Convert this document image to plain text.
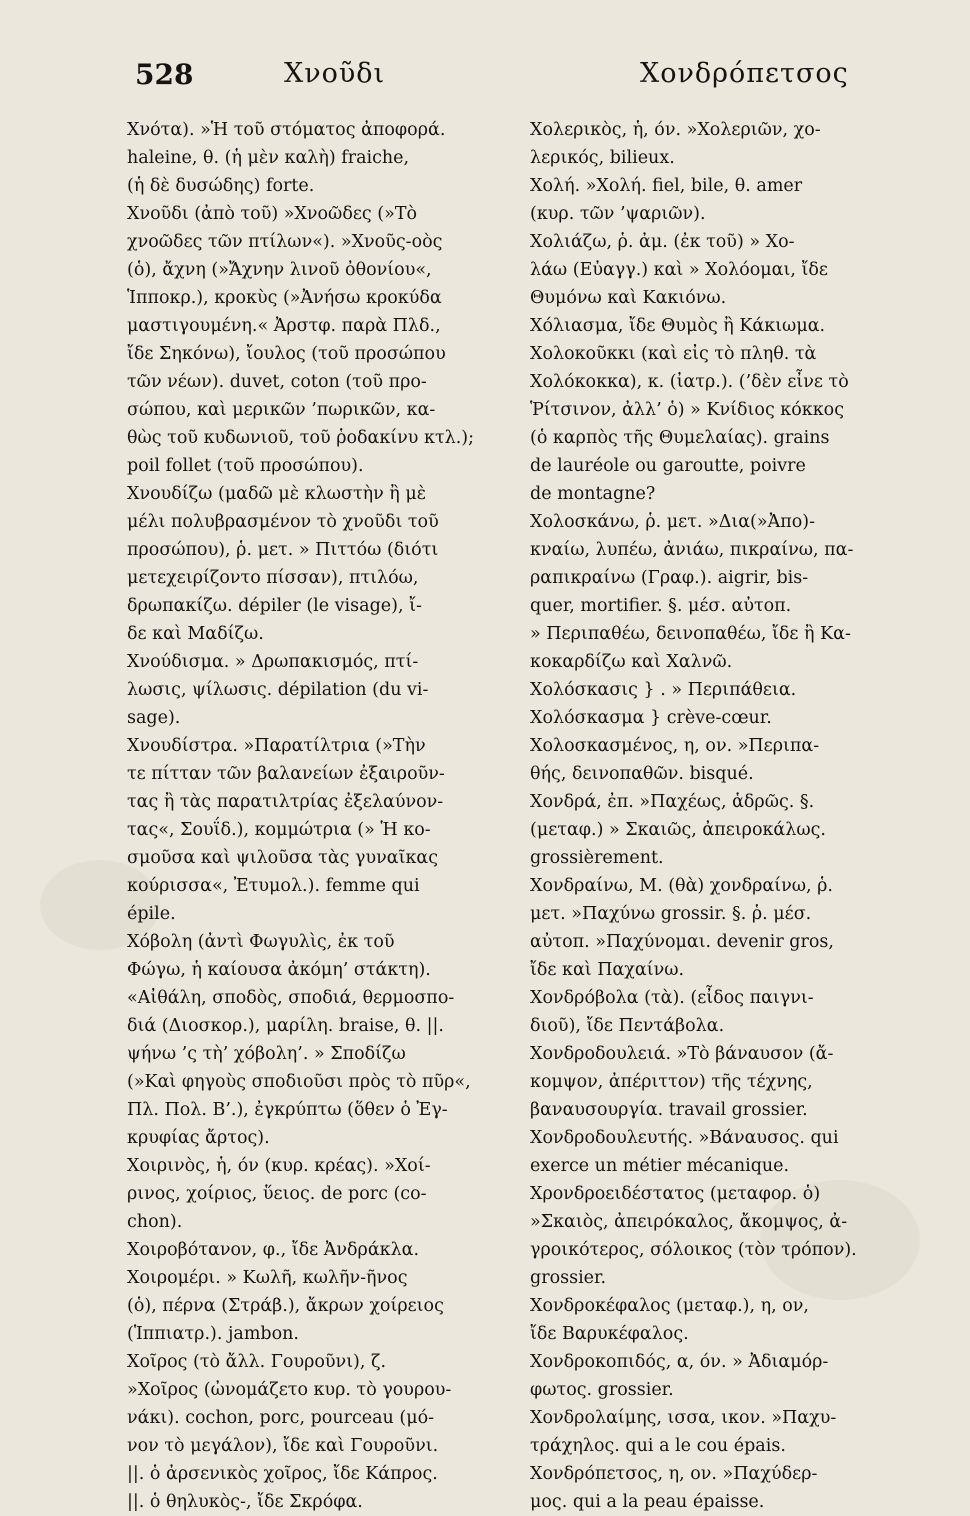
528	Χνοῦδι	Χονδρόπετσος
Χνότα). »Ἡ τοῦ στόματος ἀποφορά.
haleine, θ. (ἡ μὲν καλὴ) fraiche,
(ἡ δὲ δυσώδης) forte.
Χνοῦδι (ἀπὸ τοῦ) »Χνοῶδες (»Τὸ
χνοῶδες τῶν πτίλων«). »Χνοῦς-οὸς
(ὁ), ἄχνη (»Ἄχνην λινοῦ ὀθονίου«,
Ἱπποκρ.), κροκὺς (»Ἀνήσω κροκύδα
μαστιγουμένη.« Ἀρστφ. παρὰ Πλδ.,
ἴδε Σηκόνω), ἴουλος (τοῦ προσώπου
τῶν νέων). duvet, coton (τοῦ προ-
σώπου, καὶ μερικῶν ’πωρικῶν, κα-
θὼς τοῦ κυδωνιοῦ, τοῦ ῥοδακίνυ κτλ.);
poil follet (τοῦ προσώπου).
Χνουδίζω (μαδῶ μὲ κλωστὴν ἢ μὲ
μέλι πολυβρασμένον τὸ χνοῦδι τοῦ
προσώπου), ῥ. μετ. » Πιττόω (διότι
μετεχειρίζοντο πίσσαν), πτιλόω,
δρωπακίζω. dépiler (le visage), ἴ-
δε καὶ Μαδίζω.
Χνούδισμα. » Δρωπακισμός, πτί-
λωσις, ψίλωσις. dépilation (du vi-
sage).
Χνουδίστρα. »Παρατίλτρια (»Τὴν
τε πίτταν τῶν βαλανείων ἐξαιροῦν-
τας ἢ τὰς παρατιλτρίας ἐξελαύνον-
τας«, Σουΐδ.), κομμώτρια (» Ἡ κο-
σμοῦσα καὶ ψιλοῦσα τὰς γυναῖκας
κούρισσα«, Ἐτυμολ.). femme qui
épile.
Χόβολη (ἀντὶ Φωγυλὶς, ἐκ τοῦ
Φώγω, ἡ καίουσα ἀκόμη’ στάκτη).
«Αἰθάλη, σποδὸς, σποδιά, θερμοσπο-
διά (Διοσκορ.), μαρίλη. braise, θ. ||.
ψήνω ’ς τὴ’ χόβολη’. » Σποδίζω
(»Καὶ φηγοὺς σποδιοῦσι πρὸς τὸ πῦρ«,
Πλ. Πολ. Β’.), ἐγκρύπτω (ὅθεν ὁ Ἐγ-
κρυφίας ἄρτος).
Χοιρινὸς, ἡ, όν (κυρ. κρέας). »Χοί-
ρινος, χοίριος, ὕειος. de porc (co-
chon).
Χοιροβότανον, φ., ἴδε Ἀνδράκλα.
Χοιρομέρι. » Κωλῆ, κωλῆν-ῆνος
(ὁ), πέρνα (Στράβ.), ἄκρων χοίρειος
(Ἱππιατρ.). jambon.
Χοῖρος (τὸ ἄλλ. Γουροῦνι), ζ.
»Χοῖρος (ὠνομάζετο κυρ. τὸ γουρου-
νάκι). cochon, porc, pourceau (μό-
νον τὸ μεγάλον), ἴδε καὶ Γουροῦνι.
||. ὁ ἀρσενικὸς χοῖρος, ἴδε Κάπρος.
||. ὁ θηλυκὸς-, ἴδε Σκρόφα.
Χολερικὸς, ἡ, όν. »Χολεριῶν, χο-
λερικός, bilieux.
Χολή. »Χολή. fiel, bile, θ. amer
(κυρ. τῶν ’ψαριῶν).
Χολιάζω, ῥ. ἀμ. (ἐκ τοῦ) » Χο-
λάω (Εὐαγγ.) καὶ » Χολόομαι, ἴδε
Θυμόνω καὶ Κακιόνω.
Χόλιασμα, ἴδε Θυμὸς ἢ Κάκιωμα.
Χολοκοῦκκι (καὶ εἰς τὸ πληθ. τὰ
Χολόκοκκα), κ. (ἰατρ.). (’δὲν εἶνε τὸ
Ῥίτσινον, ἀλλ’ ὁ) » Κνίδιος κόκκος
(ὁ καρπὸς τῆς Θυμελαίας). grains
de lauréole ou garoutte, poivre
de montagne?
Χολοσκάνω, ῥ. μετ. »Δια(»Ἀπο)-
κναίω, λυπέω, ἀνιάω, πικραίνω, πα-
ραπικραίνω (Γραφ.). aigrir, bis-
quer, mortifier. §. μέσ. αὐτοπ.
» Περιπαθέω, δεινοπαθέω, ἴδε ἢ Κα-
κοκαρδίζω καὶ Χαλνῶ.
Χολόσκασις } . » Περιπάθεια.
Χολόσκασμα } crève-cœur.
Χολοσκασμένος, η, ον. »Περιπα-
θής, δεινοπαθῶν. bisqué.
Χονδρά, ἐπ. »Παχέως, ἁδρῶς. §.
(μεταφ.) » Σκαιῶς, ἀπειροκάλως.
grossièrement.
Χονδραίνω, Μ. (θὰ) χονδραίνω, ῥ.
μετ. »Παχύνω grossir. §. ῥ. μέσ.
αὐτοπ. »Παχύνομαι. devenir gros,
ἴδε καὶ Παχαίνω.
Χονδρόβολα (τὰ). (εἶδος παιγνι-
διοῦ), ἴδε Πεντάβολα.
Χονδροδουλειά. »Τὸ βάναυσον (ἄ-
κομψον, ἀπέριττον) τῆς τέχνης,
βαναυσουργία. travail grossier.
Χονδροδουλευτής. »Βάναυσος. qui
exerce un métier mécanique.
Χρονδροειδέστατος (μεταφορ. ὁ)
»Σκαιὸς, ἀπειρόκαλος, ἄκομψος, ἀ-
γροικότερος, σόλοικος (τὸν τρόπον).
grossier.
Χονδροκέφαλος (μεταφ.), η, ον,
ἴδε Βαρυκέφαλος.
Χονδροκοπιδός, α, όν. » Ἀδιαμόρ-
φωτος. grossier.
Χονδρολαίμης, ισσα, ικον. »Παχυ-
τράχηλος. qui a le cou épais.
Χονδρόπετσος, η, ον. »Παχύδερ-
μος. qui a la peau épaisse.
